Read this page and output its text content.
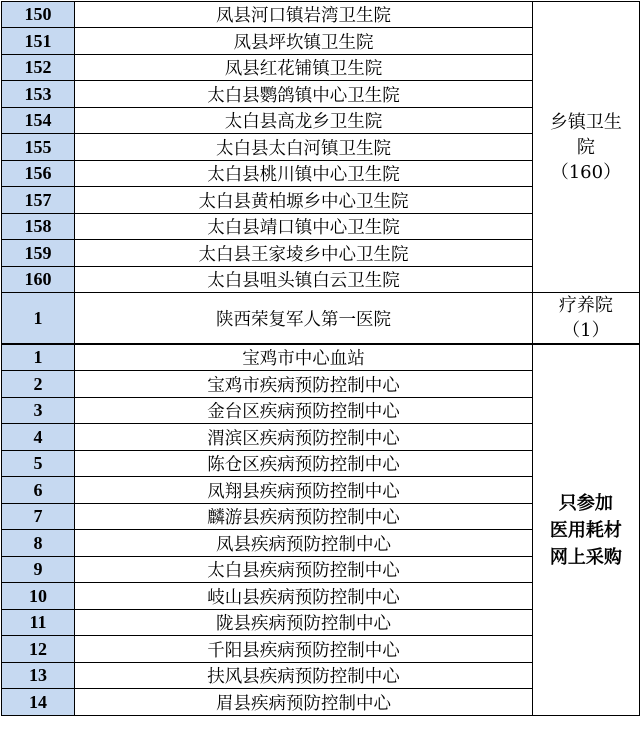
150	凤县河口镇岩湾卫生院	乡镇卫生
院
（160）

151	凤县坪坎镇卫生院	
152	凤县红花铺镇卫生院	
153	太白县鹦鸽镇中心卫生院	
154	太白县高龙乡卫生院	
155	太白县太白河镇卫生院	
156	太白县桃川镇中心卫生院	
157	太白县黄柏塬乡中心卫生院	
158	太白县靖口镇中心卫生院	
159	太白县王家堎乡中心卫生院	
160	太白县咀头镇白云卫生院	
1	陕西荣复军人第一医院	疗养院
（1）

1	宝鸡市中心血站	只参加
医用耗材
网上采购

2	宝鸡市疾病预防控制中心	
3	金台区疾病预防控制中心	
4	渭滨区疾病预防控制中心	
5	陈仓区疾病预防控制中心	
6	凤翔县疾病预防控制中心	
7	麟游县疾病预防控制中心	
8	凤县疾病预防控制中心	
9	太白县疾病预防控制中心	
10	岐山县疾病预防控制中心	
11	陇县疾病预防控制中心	
12	千阳县疾病预防控制中心	
13	扶风县疾病预防控制中心	
14	眉县疾病预防控制中心	
